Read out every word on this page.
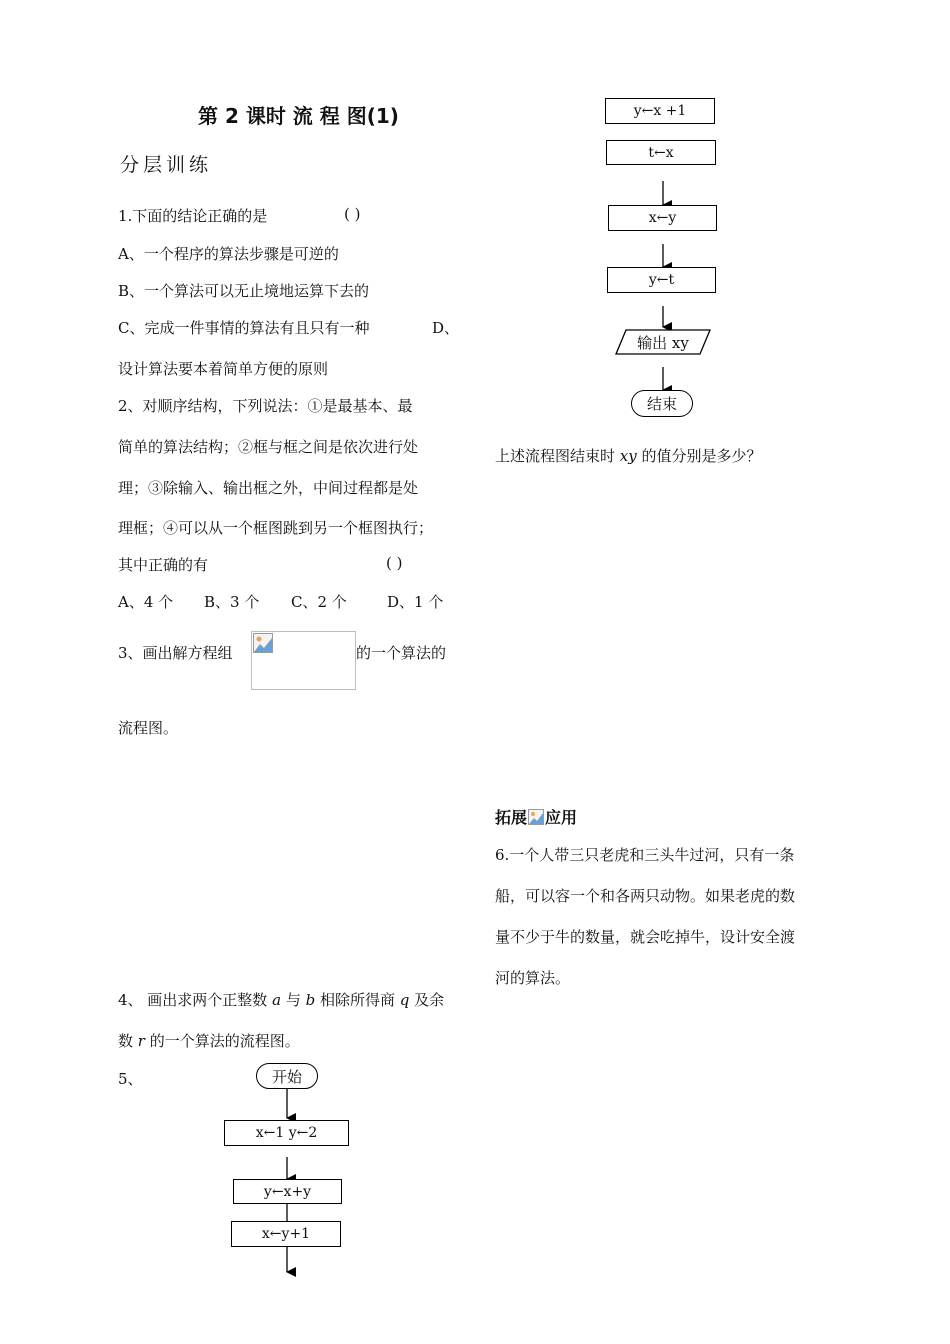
第 2 课时 流 程 图(1)
分层训练
1.下面的结论正确的是	( )
A、一个程序的算法步骤是可逆的
B、一个算法可以无止境地运算下去的
C、完成一件事情的算法有且只有一种	D、
设计算法要本着简单方便的原则
2、对顺序结构，下列说法：①是最基本、最
简单的算法结构；②框与框之间是依次进行处
理；③除输入、输出框之外，中间过程都是处
理框；④可以从一个框图跳到另一个框图执行；
其中正确的有	( )
A、4 个 B、3 个 C、2 个	D、1 个
3、画出解方程组	的一个算法的
流程图。
4、 画出求两个正整数 a 与 b 相除所得商 q 及余
数 r 的一个算法的流程图。
5、	开始
x←1 y←2
y←x+y
x←y+1
y←x +1
t←x
x←y
y←t
输出 xy
结束
上述流程图结束时 xy 的值分别是多少？
拓展 应用
6.一个人带三只老虎和三头牛过河，只有一条
船，可以容一个和各两只动物。如果老虎的数
量不少于牛的数量，就会吃掉牛，设计安全渡
河的算法。
